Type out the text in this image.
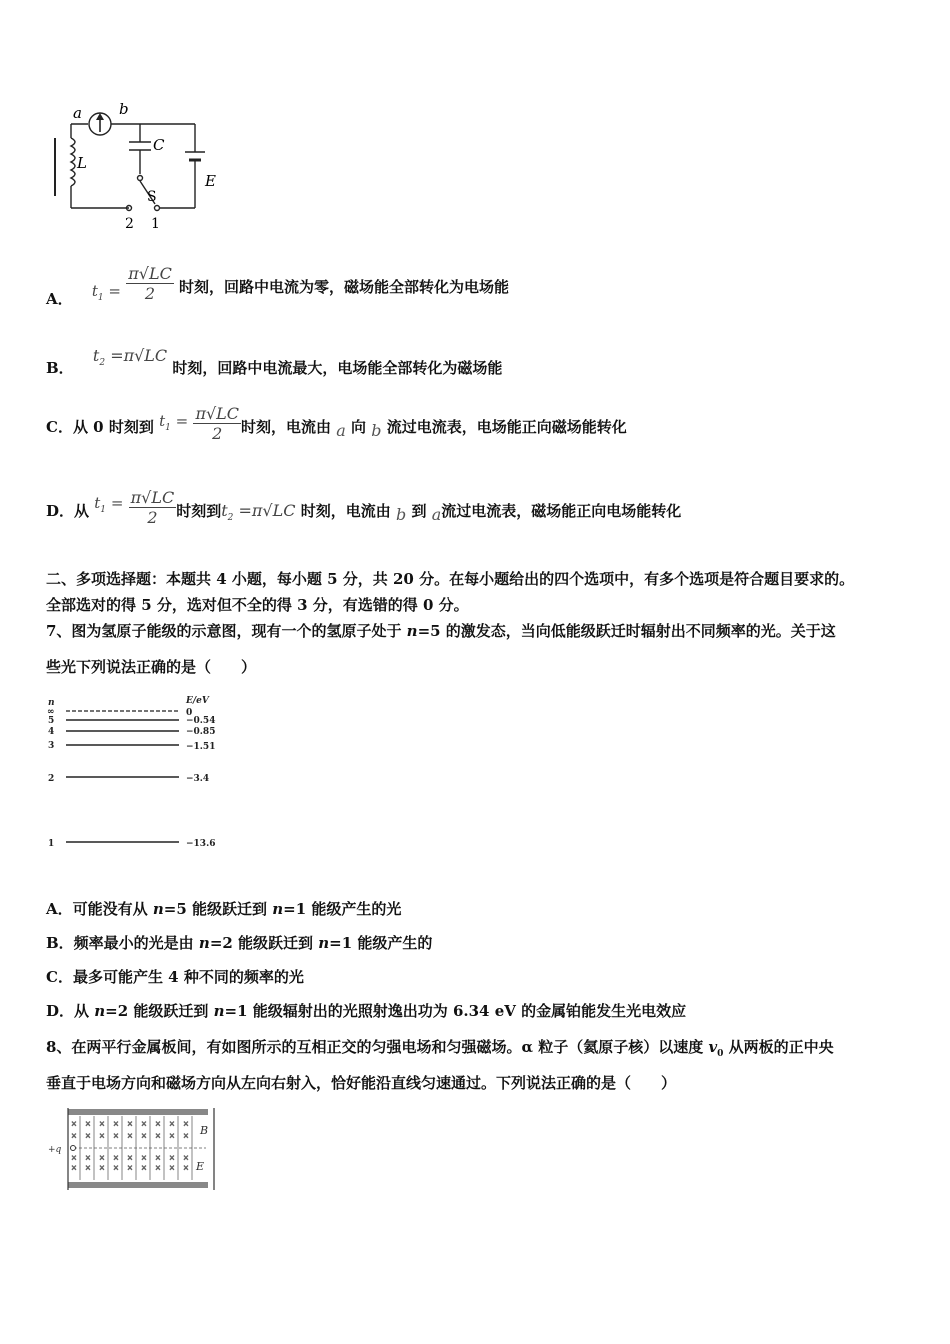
a b
C
L
E
S
2 1
A． $t_1 = \frac{\pi√LC}{2}$ 时刻，回路中电流为零，磁场能全部转化为电场能
B． $t_2 =\pi√LC$ 时刻，回路中电流最大，电场能全部转化为磁场能
C．从 0 时刻到 $t_1 = \frac{\pi√LC}{2}$ 时刻，电流由 a 向 b 流过电流表，电场能正向磁场能转化
D．从 $t_1 = \frac{\pi√LC}{2}$ 时刻到$t_2 =\pi√LC$ 时刻，电流由 b 到 a流过电流表，磁场能正向电场能转化
二、多项选择题：本题共 4 小题，每小题 5 分，共 20 分。在每小题给出的四个选项中，有多个选项是符合题目要求的。
全部选对的得 5 分，选对但不全的得 3 分，有选错的得 0 分。
7、图为氢原子能级的示意图，现有一个的氢原子处于 n=5 的激发态，当向低能级跃迁时辐射出不同频率的光。关于这
些光下列说法正确的是（　　）
n	E/eV
∞	0
5	−0.54
4	−0.85
3	−1.51
2	−3.4
1	−13.6
A．可能没有从 n=5 能级跃迁到 n=1 能级产生的光
B．频率最小的光是由 n=2 能级跃迁到 n=1 能级产生的
C．最多可能产生 4 种不同的频率的光
D．从 n=2 能级跃迁到 n=1 能级辐射出的光照射逸出功为 6.34 eV 的金属铂能发生光电效应
8、在两平行金属板间，有如图所示的互相正交的匀强电场和匀强磁场。α 粒子（氦原子核）以速度 $v_0$ 从两板的正中央
垂直于电场方向和磁场方向从左向右射入，恰好能沿直线匀速通过。下列说法正确的是（　　）
×
×
×
×
×
×
×
×
×
×
×
×
×
×
×
×
×
×
×
×
×
×
×
×
×
×
×
×
×
×
×
×
×
×
×
×
+q
B
E
